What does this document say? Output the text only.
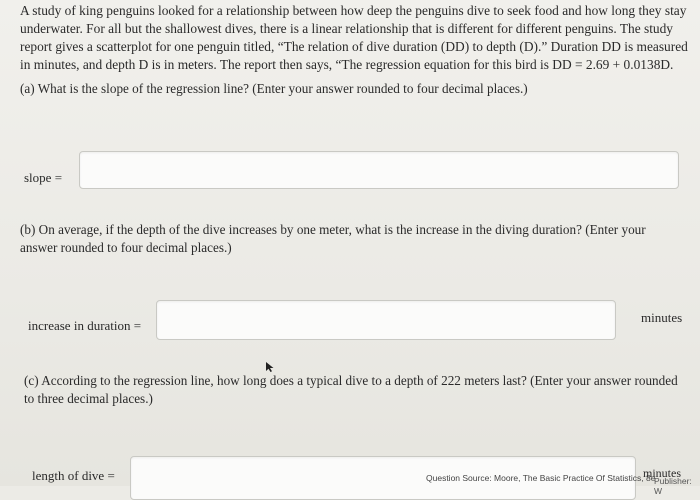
A study of king penguins looked for a relationship between how deep the penguins dive to seek food and how long they stay underwater. For all but the shallowest dives, there is a linear relationship that is different for different penguins. The study report gives a scatterplot for one penguin titled, “The relation of dive duration (DD) to depth (D).” Duration DD is measured in minutes, and depth D is in meters. The report then says, “The regression equation for this bird is DD = 2.69 + 0.0138D.
(a) What is the slope of the regression line? (Enter your answer rounded to four decimal places.)
slope =
(b) On average, if the depth of the dive increases by one meter, what is the increase in the diving duration? (Enter your answer rounded to four decimal places.)
increase in duration =
minutes
(c) According to the regression line, how long does a typical dive to a depth of 222 meters last? (Enter your answer rounded to three decimal places.)
length of dive =	Question Source: Moore, The Basic Practice Of Statistics, 8e
minutes
Publisher: W
